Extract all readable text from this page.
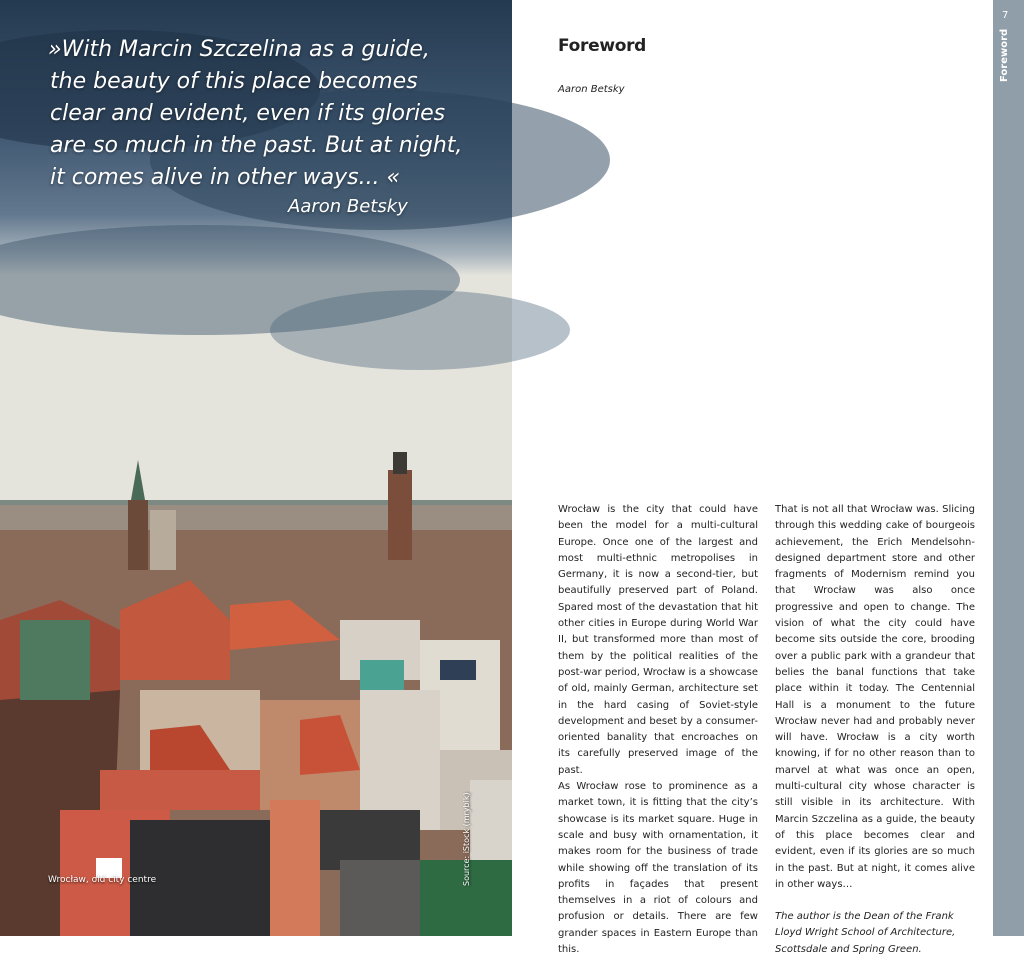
»With Marcin Szczelina as a guide,
the beauty of this place becomes
clear and evident, even if its glories
are so much in the past. But at night,
it comes alive in other ways... «
Aaron Betsky
Wrocław, old city centre	Source: iStock (mrybik)
Foreword
Aaron Betsky

Wrocław is the city that could have been the model for a multi-cultural Europe. Once one of the largest and most multi-ethnic metropolises in Germany, it is now a second-tier, but beautifully preserved part of Poland. Spared most of the devastation that hit other cities in Europe during World War II, but transformed more than most of them by the political realities of the post-war period, Wrocław is a showcase of old, mainly German, architecture set in the hard casing of Soviet-style development and beset by a consumer-oriented banality that encroaches on its carefully preserved image of the past.

As Wrocław rose to prominence as a market town, it is fitting that the city’s showcase is its market square. Huge in scale and busy with ornamentation, it makes room for the business of trade while showing off the translation of its profits in façades that present themselves in a riot of colours and profusion or details. There are few grander spaces in Eastern Europe than this.

That is not all that Wrocław was. Slicing through this wedding cake of bourgeois achievement, the Erich Mendelsohn-designed department store and other fragments of Modernism remind you that Wrocław was also once progressive and open to change. The vision of what the city could have become sits outside the core, brooding over a public park with a grandeur that belies the banal functions that take place within it today. The Centennial Hall is a monument to the future Wrocław never had and probably never will have. Wrocław is a city worth knowing, if for no other reason than to marvel at what was once an open, multi-cultural city whose character is still visible in its architecture. With Marcin Szczelina as a guide, the beauty of this place becomes clear and evident, even if its glories are so much in the past. But at night, it comes alive in other ways…

The author is the Dean of the Frank Lloyd Wright School of Architecture, Scottsdale and Spring Green.

7
Foreword
